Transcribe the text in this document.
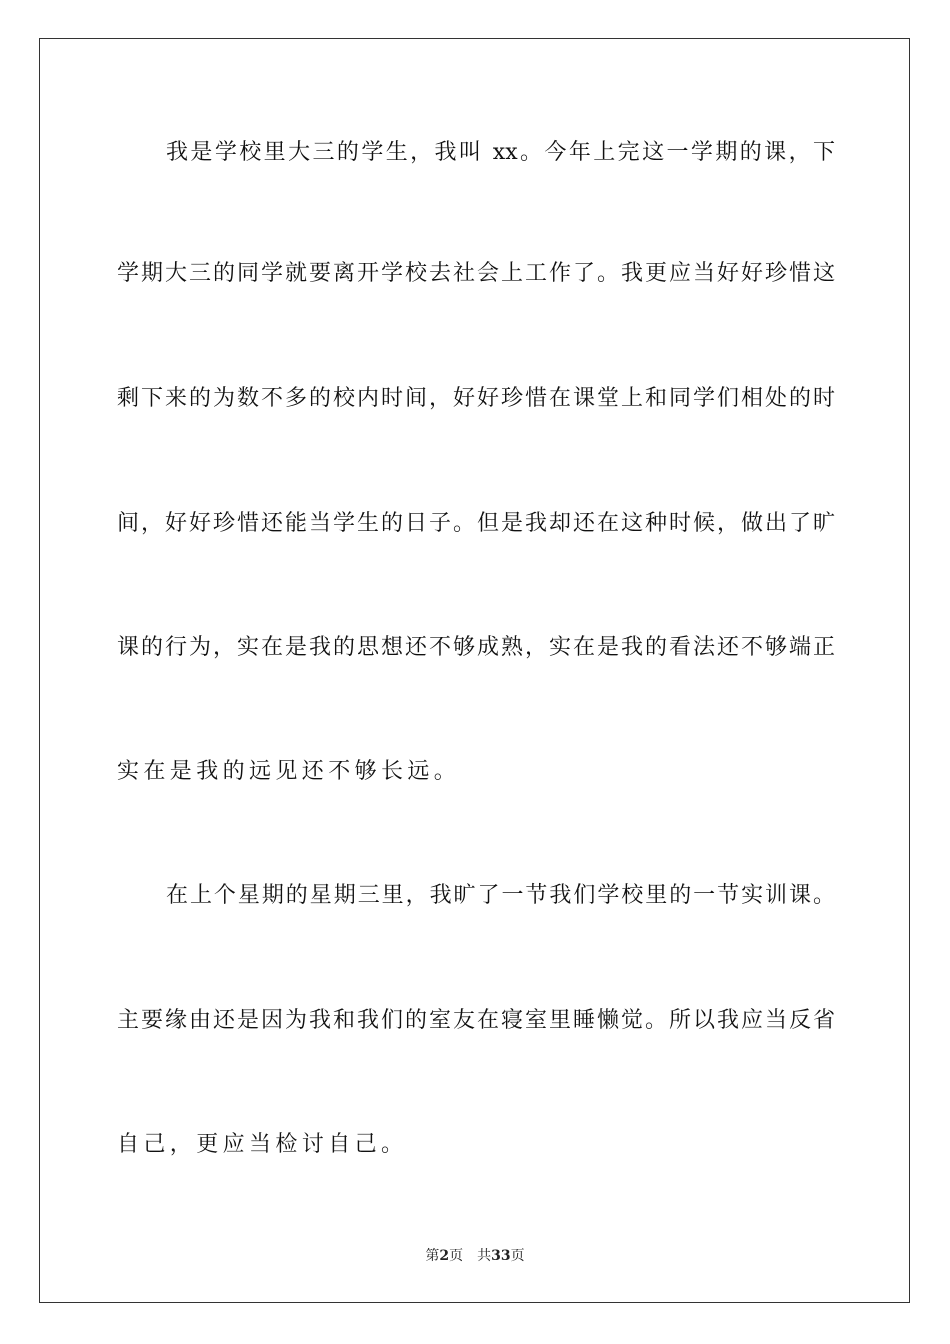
我是学校里大三的学生，我叫 xx。今年上完这一学期的课，下
学期大三的同学就要离开学校去社会上工作了。我更应当好好珍惜这
剩下来的为数不多的校内时间，好好珍惜在课堂上和同学们相处的时
间，好好珍惜还能当学生的日子。但是我却还在这种时候，做出了旷
课的行为，实在是我的思想还不够成熟，实在是我的看法还不够端正
实在是我的远见还不够长远。
在上个星期的星期三里，我旷了一节我们学校里的一节实训课。
主要缘由还是因为我和我们的室友在寝室里睡懒觉。所以我应当反省
自己，更应当检讨自己。
第2页 共33页
